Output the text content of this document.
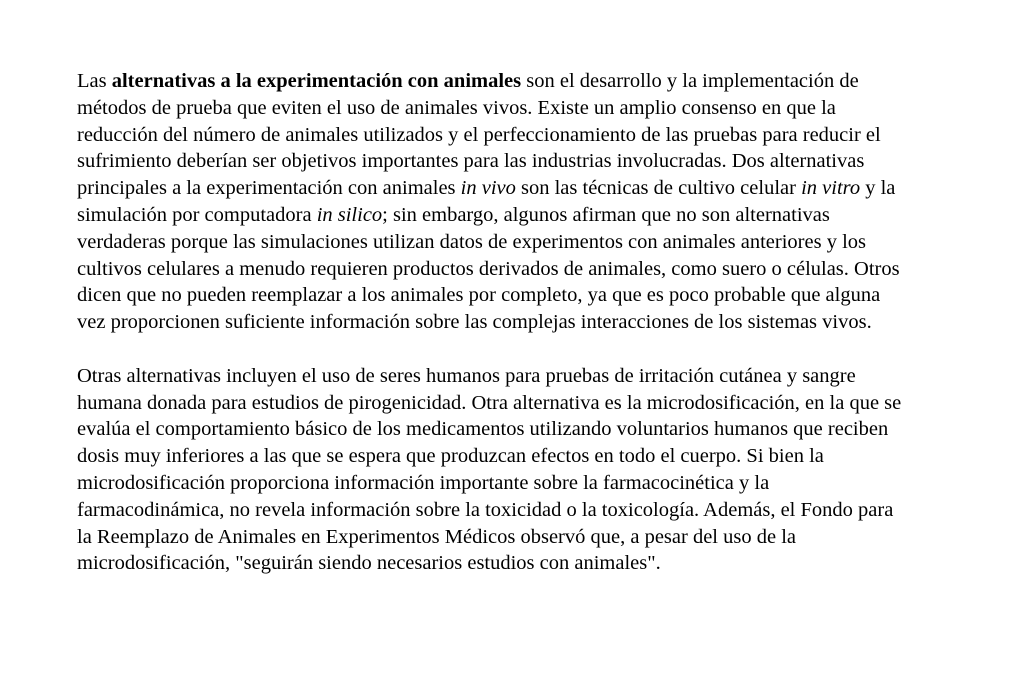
Las alternativas a la experimentación con animales son el desarrollo y la implementación de métodos de prueba que eviten el uso de animales vivos. Existe un amplio consenso en que la reducción del número de animales utilizados y el perfeccionamiento de las pruebas para reducir el sufrimiento deberían ser objetivos importantes para las industrias involucradas. Dos alternativas principales a la experimentación con animales in vivo son las técnicas de cultivo celular in vitro y la simulación por computadora in silico; sin embargo, algunos afirman que no son alternativas verdaderas porque las simulaciones utilizan datos de experimentos con animales anteriores y los cultivos celulares a menudo requieren productos derivados de animales, como suero o células. Otros dicen que no pueden reemplazar a los animales por completo, ya que es poco probable que alguna vez proporcionen suficiente información sobre las complejas interacciones de los sistemas vivos.

Otras alternativas incluyen el uso de seres humanos para pruebas de irritación cutánea y sangre humana donada para estudios de pirogenicidad. Otra alternativa es la microdosificación, en la que se evalúa el comportamiento básico de los medicamentos utilizando voluntarios humanos que reciben dosis muy inferiores a las que se espera que produzcan efectos en todo el cuerpo. Si bien la microdosificación proporciona información importante sobre la farmacocinética y la farmacodinámica, no revela información sobre la toxicidad o la toxicología. Además, el Fondo para la Reemplazo de Animales en Experimentos Médicos observó que, a pesar del uso de la microdosificación, "seguirán siendo necesarios estudios con animales".
